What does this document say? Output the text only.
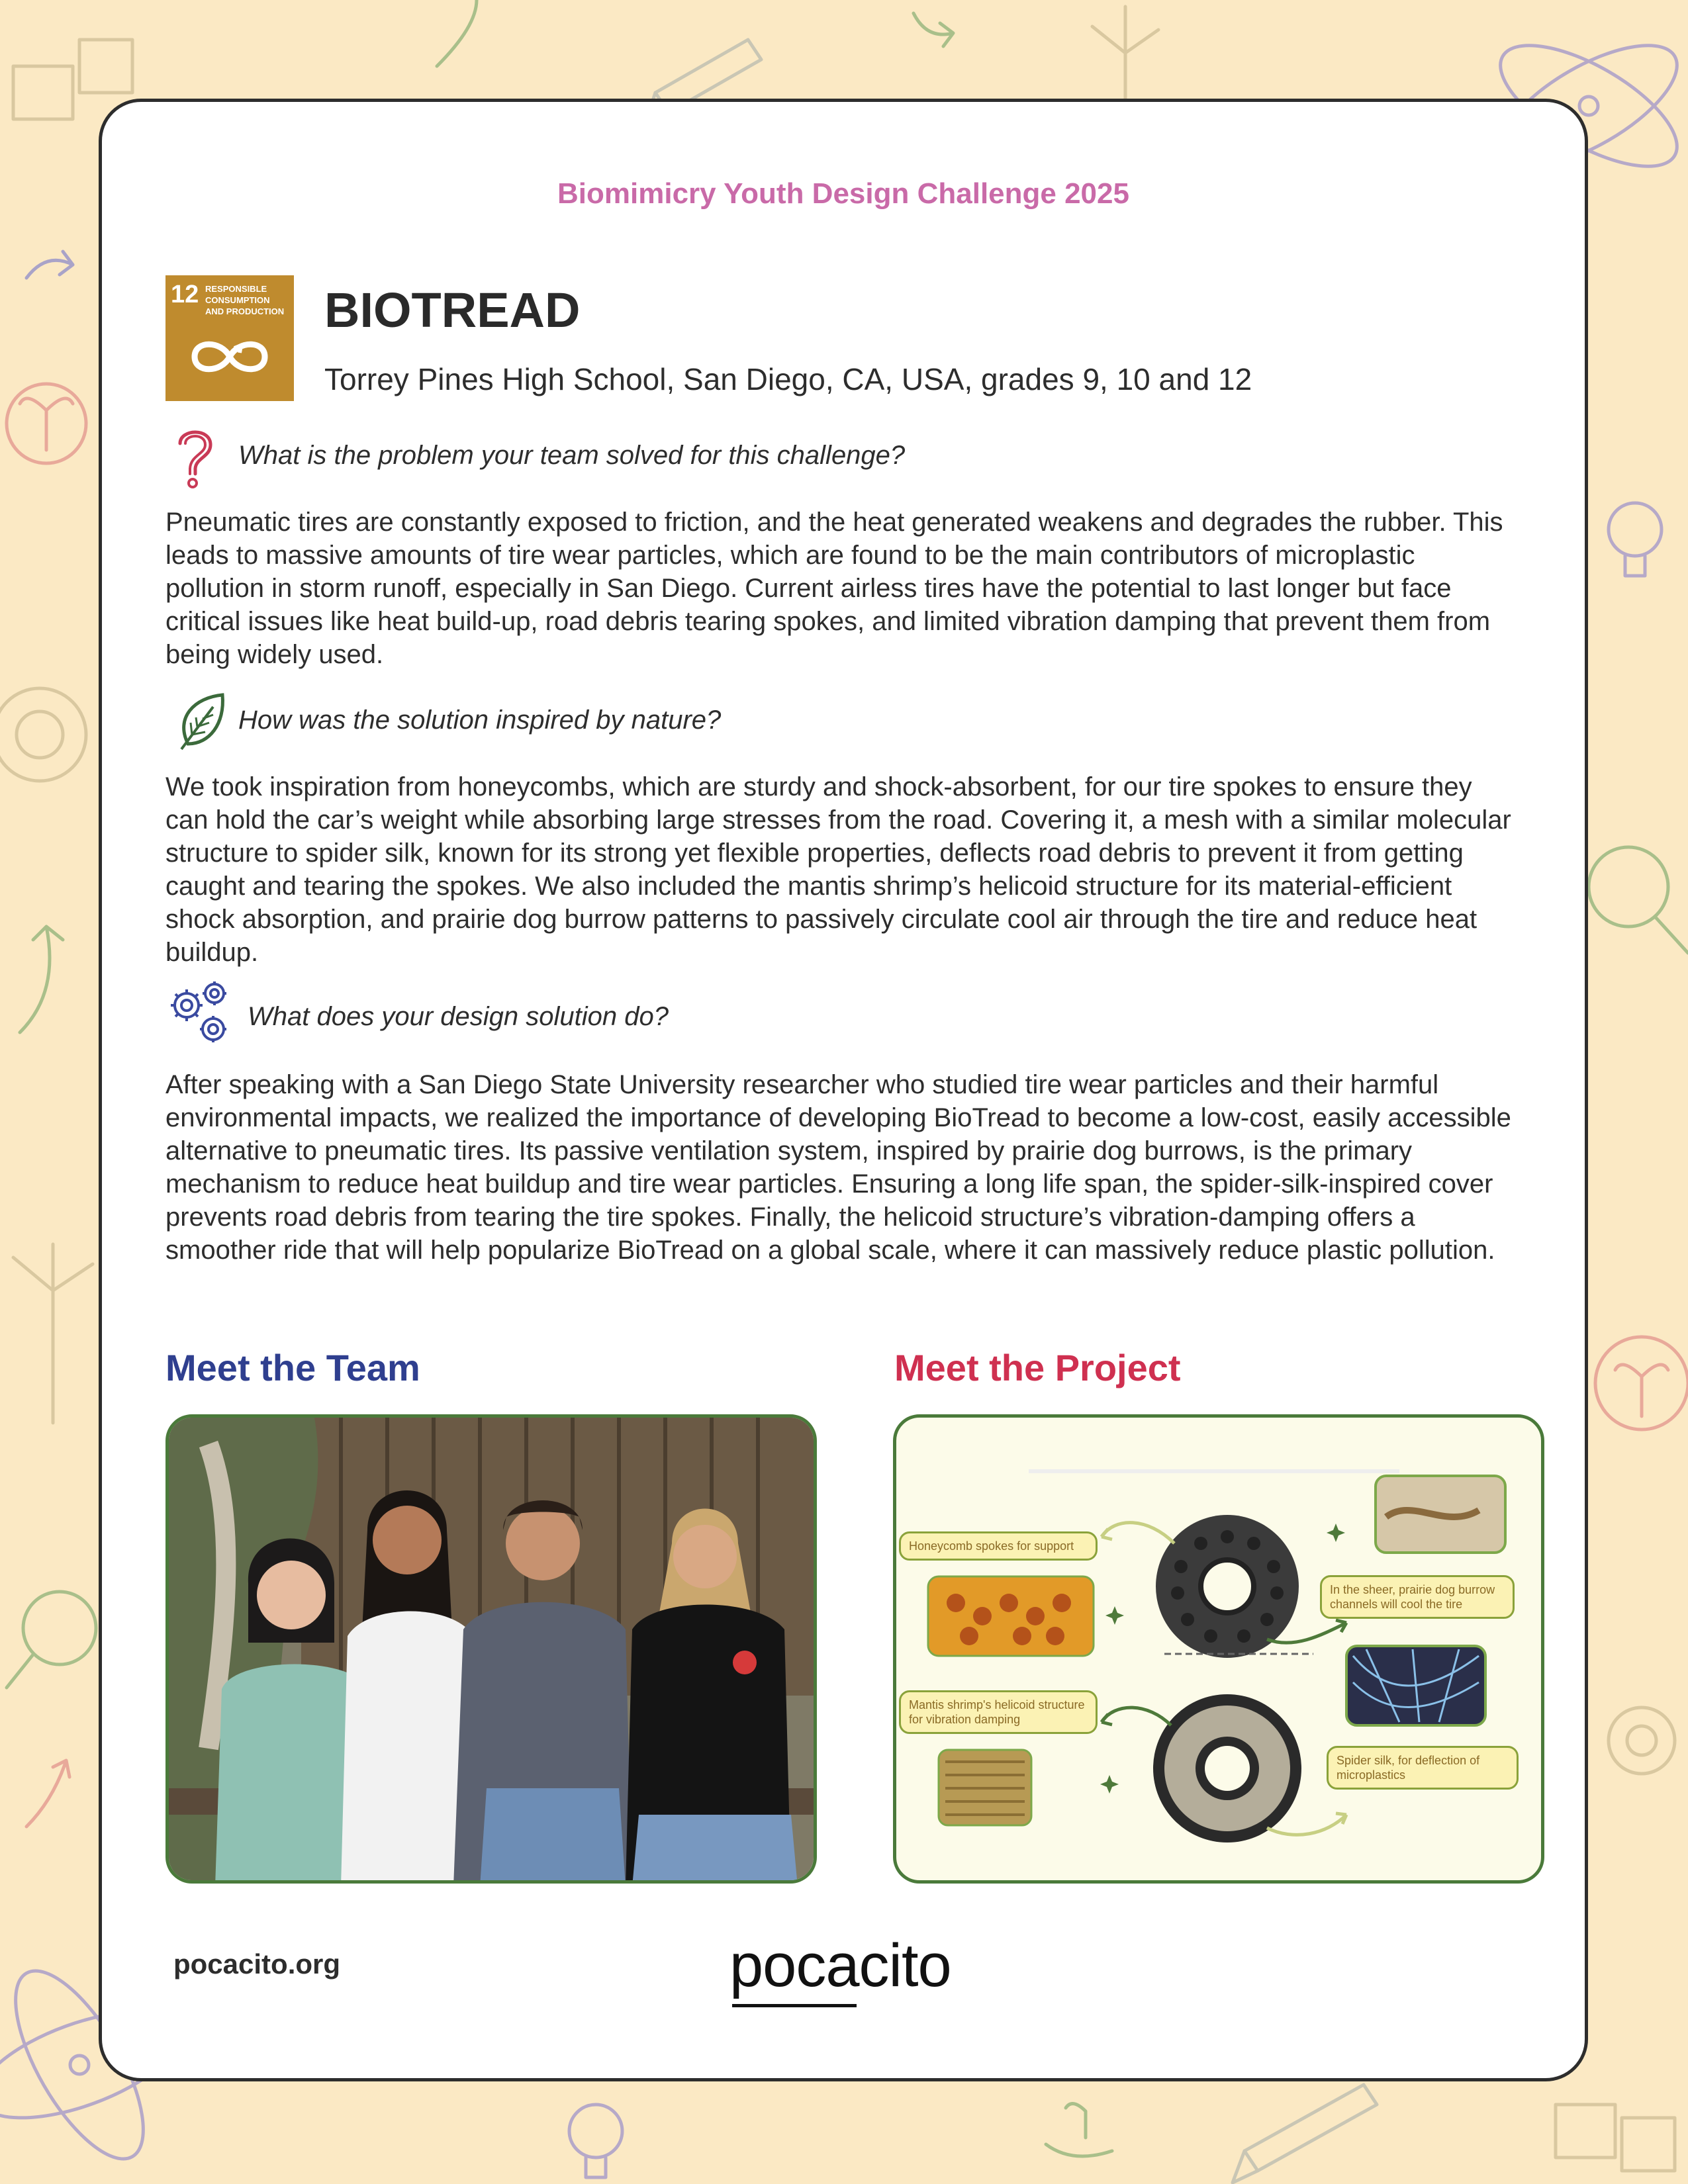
Biomimicry Youth Design Challenge 2025
12 RESPONSIBLE CONSUMPTION AND PRODUCTION BIOTREAD
Torrey Pines High School, San Diego, CA, USA, grades 9, 10 and 12
What is the problem your team solved for this challenge?
Pneumatic tires are constantly exposed to friction, and the heat generated weakens and degrades the rubber. This leads to massive amounts of tire wear particles, which are found to be the main contributors of microplastic pollution in storm runoff, especially in San Diego. Current airless tires have the potential to last longer but face critical issues like heat build-up, road debris tearing spokes, and limited vibration damping that prevent them from being widely used.
How was the solution inspired by nature?
We took inspiration from honeycombs, which are sturdy and shock-absorbent, for our tire spokes to ensure they can hold the car’s weight while absorbing large stresses from the road. Covering it, a mesh with a similar molecular structure to spider silk, known for its strong yet flexible properties, deflects road debris to prevent it from getting caught and tearing the spokes. We also included the mantis shrimp’s helicoid structure for its material-efficient shock absorption, and prairie dog burrow patterns to passively circulate cool air through the tire and reduce heat buildup.
What does your design solution do?
After speaking with a San Diego State University researcher who studied tire wear particles and their harmful environmental impacts, we realized the importance of developing BioTread to become a low-cost, easily accessible alternative to pneumatic tires. Its passive ventilation system, inspired by prairie dog burrows, is the primary mechanism to reduce heat buildup and tire wear particles. Ensuring a long life span, the spider-silk-inspired cover prevents road debris from tearing the tire spokes. Finally, the helicoid structure’s vibration-damping offers a smoother ride that will help popularize BioTread on a global scale, where it can massively reduce plastic pollution.
Meet the Team	Meet the Project
Honeycomb spokes for support
In the sheer, prairie dog burrow channels will cool the tire
Mantis shrimp's helicoid structure for vibration damping
Spider silk, for deflection of microplastics
pocacito.org	pocacito
